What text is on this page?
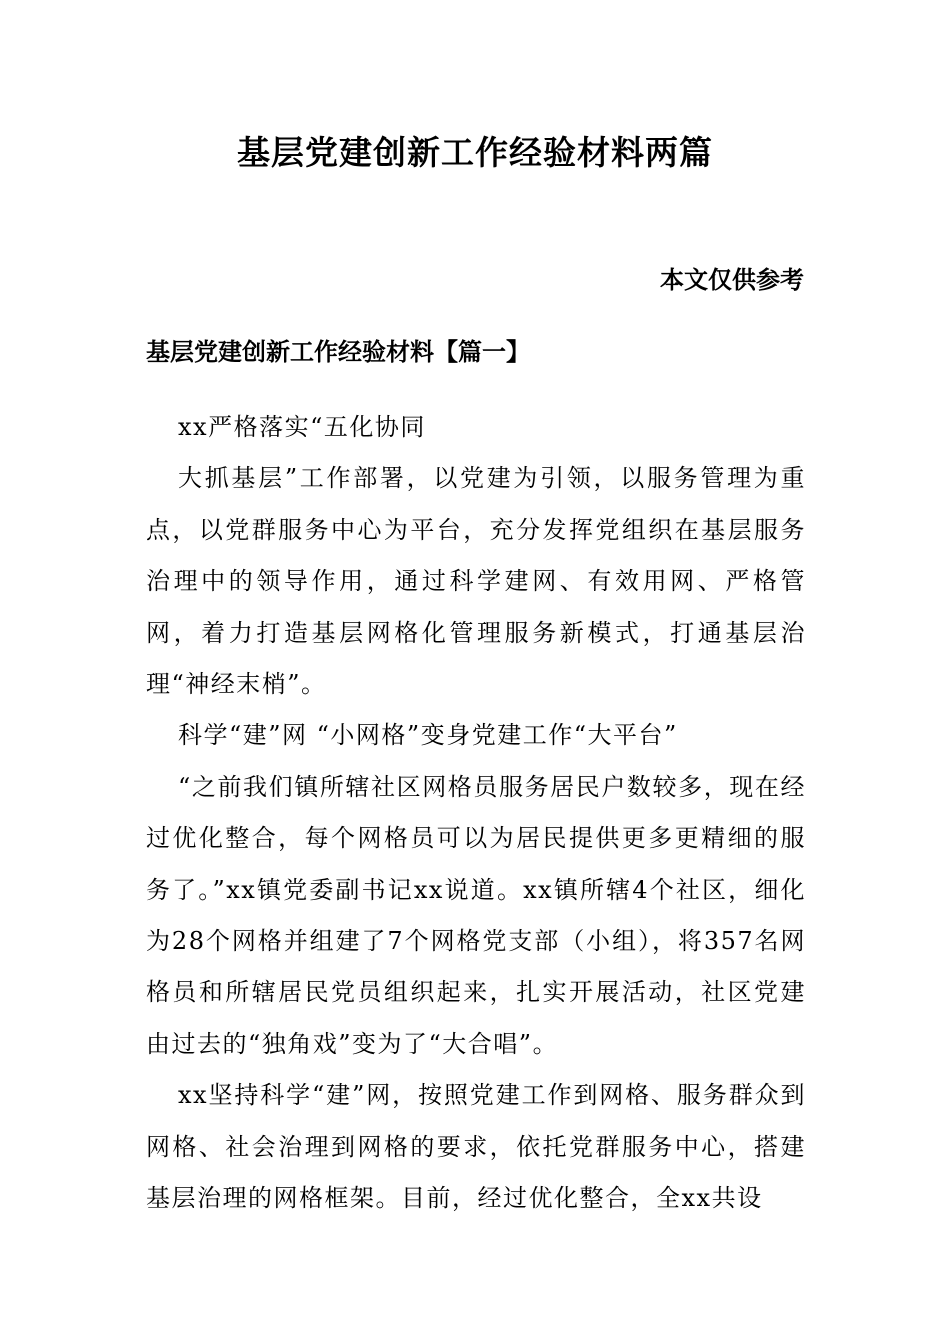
基层党建创新工作经验材料两篇

本文仅供参考

基层党建创新工作经验材料【篇一】

xx严格落实“五化协同

大抓基层”工作部署，以党建为引领，以服务管理为重点，以党群服务中心为平台，充分发挥党组织在基层服务治理中的领导作用，通过科学建网、有效用网、严格管网，着力打造基层网格化管理服务新模式，打通基层治理“神经末梢”。

科学“建”网 “小网格”变身党建工作“大平台”

“之前我们镇所辖社区网格员服务居民户数较多，现在经过优化整合，每个网格员可以为居民提供更多更精细的服务了。”xx镇党委副书记xx说道。xx镇所辖4个社区，细化为28个网格并组建了7个网格党支部（小组），将357名网格员和所辖居民党员组织起来，扎实开展活动，社区党建由过去的“独角戏”变为了“大合唱”。

xx坚持科学“建”网，按照党建工作到网格、服务群众到网格、社会治理到网格的要求，依托党群服务中心，搭建基层治理的网格框架。目前，经过优化整合，全xx共设
